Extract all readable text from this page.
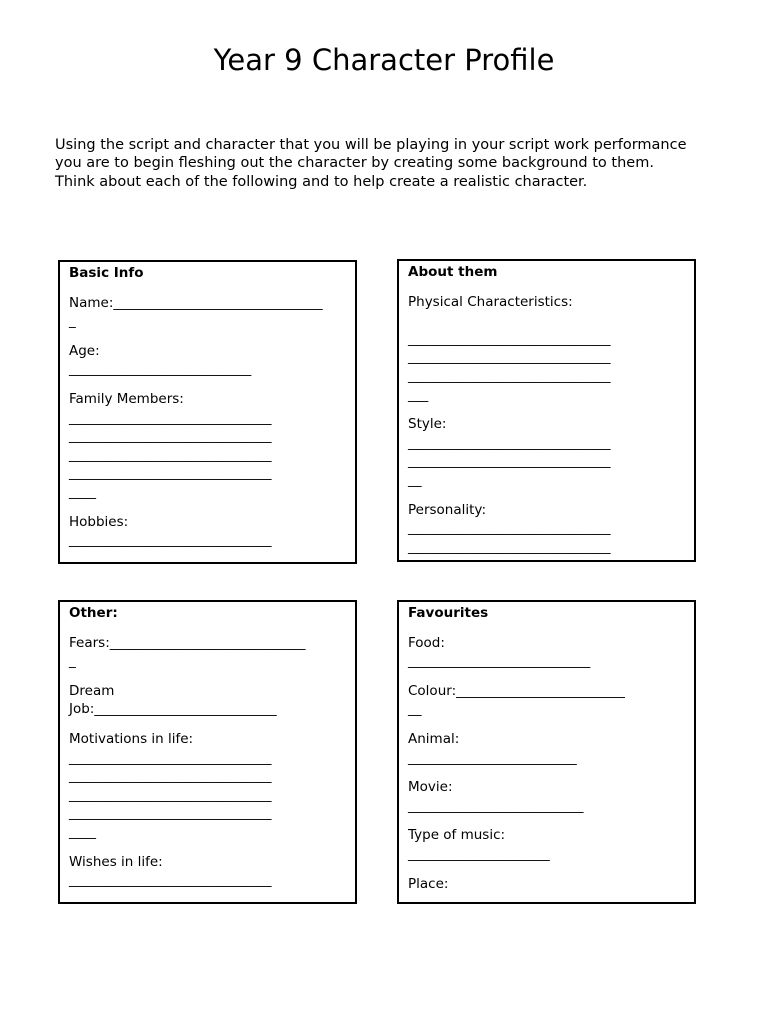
Year 9 Character Profile

Using the script and character that you will be playing in your script work performance you are to begin fleshing out the character by creating some background to them. Think about each of the following and to help create a realistic character.

Basic Info
Name:_______________________________
_
Age:
___________________________
Family Members:
______________________________
______________________________
______________________________
______________________________
____
Hobbies:
______________________________
About them
Physical Characteristics:

______________________________
______________________________
______________________________
___
Style:
______________________________
______________________________
__
Personality:
______________________________
______________________________
Other:
Fears:_____________________________
_
Dream
Job:___________________________
Motivations in life:
______________________________
______________________________
______________________________
______________________________
____
Wishes in life:
______________________________
Favourites
Food:
___________________________
Colour:_________________________
__
Animal:
_________________________
Movie:
__________________________
Type of music:
_____________________
Place:
